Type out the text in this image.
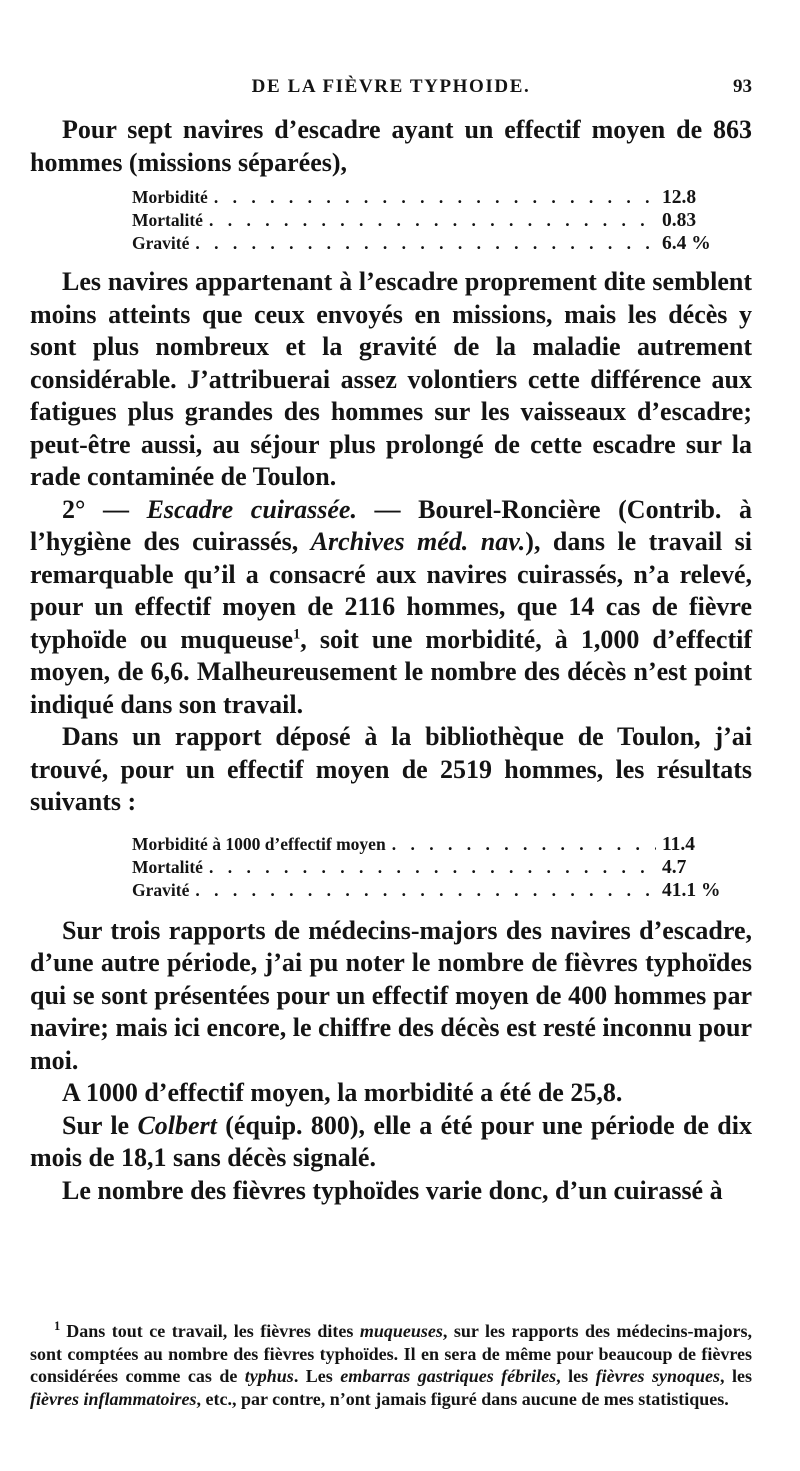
DE LA FIÈVRE TYPHOIDE.	93

Pour sept navires d’escadre ayant un effectif moyen de 863 hommes (missions séparées),

Morbidité . . .	12.8
Mortalité . . .	0.83
Gravité . . .	6.4 %

Les navires appartenant à l’escadre proprement dite semblent moins atteints que ceux envoyés en missions, mais les décès y sont plus nombreux et la gravité de la maladie autrement considérable. J’attribuerai assez volontiers cette différence aux fatigues plus grandes des hommes sur les vaisseaux d’escadre; peut-être aussi, au séjour plus prolongé de cette escadre sur la rade contaminée de Toulon.

2° — Escadre cuirassée. — Bourel-Roncière (Contrib. à l’hygiène des cuirassés, Archives méd. nav.), dans le travail si remarquable qu’il a consacré aux navires cuirassés, n’a relevé, pour un effectif moyen de 2116 hommes, que 14 cas de fièvre typhoïde ou muqueuse$^1$, soit une morbidité, à 1,000 d’effectif moyen, de 6,6. Malheureusement le nombre des décès n’est point indiqué dans son travail.

Dans un rapport déposé à la bibliothèque de Toulon, j’ai trouvé, pour un effectif moyen de 2519 hommes, les résultats suivants :

Morbidité à 1000 d’effectif moyen . . .	11.4
Mortalité . . .	4.7
Gravité . . .	41.1 %

Sur trois rapports de médecins-majors des navires d’escadre, d’une autre période, j’ai pu noter le nombre de fièvres typhoïdes qui se sont présentées pour un effectif moyen de 400 hommes par navire; mais ici encore, le chiffre des décès est resté inconnu pour moi.

A 1000 d’effectif moyen, la morbidité a été de 25,8.

Sur le Colbert (équip. 800), elle a été pour une période de dix mois de 18,1 sans décès signalé.

Le nombre des fièvres typhoïdes varie donc, d’un cuirassé à

$^1$ Dans tout ce travail, les fièvres dites muqueuses, sur les rapports des médecins-majors, sont comptées au nombre des fièvres typhoïdes. Il en sera de même pour beaucoup de fièvres considérées comme cas de typhus. Les embarras gastriques fébriles, les fièvres synoques, les fièvres inflammatoires, etc., par contre, n’ont jamais figuré dans aucune de mes statistiques.
